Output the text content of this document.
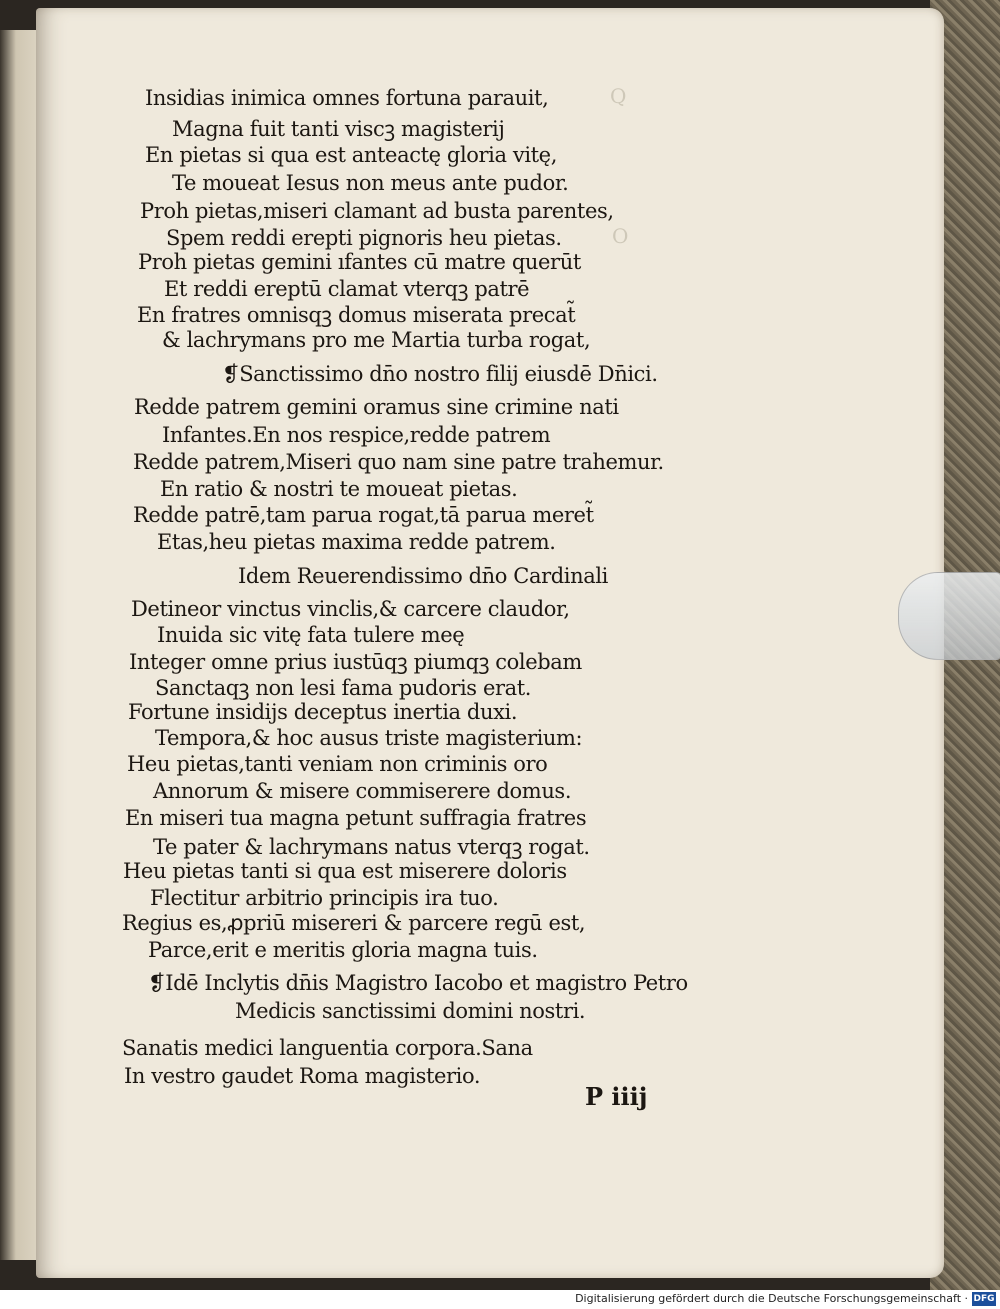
Q
O
Insidias inimica omnes fortuna parauit,
Magna fuit tanti viscꝫ magisterij
En pietas si qua est anteactę gloria vitę,
Te moueat Iesus non meus ante pudor.
Proh pietas,miseri clamant ad busta parentes,
Spem reddi erepti pignoris heu pietas.
Proh pietas gemini ıfantes cū matre querūt
Et reddi ereptū clamat vterqꝫ patrē
En fratres omnisqꝫ domus miserata precat̃
& lachrymans pro me Martia turba rogat,
❡Sanctissimo dn̄o nostro filij eiusdē Dn̄ici.
Redde patrem gemini oramus sine crimine nati
Infantes.En nos respice,redde patrem
Redde patrem,Miseri quo nam sine patre trahemur.
En ratio & nostri te moueat pietas.
Redde patrē,tam parua rogat,tā parua meret̃
Etas,heu pietas maxima redde patrem.
Idem Reuerendissimo dn̄o Cardinali
Detineor vinctus vinclis,& carcere claudor,
Inuida sic vitę fata tulere meę
Integer omne prius iustūqꝫ piumqꝫ colebam
Sanctaqꝫ non lesi fama pudoris erat.
Fortune insidijs deceptus inertia duxi.
Tempora,& hoc ausus triste magisterium:
Heu pietas,tanti veniam non criminis oro
Annorum & misere commiserere domus.
En miseri tua magna petunt suffragia fratres
Te pater & lachrymans natus vterqꝫ rogat.
Heu pietas tanti si qua est miserere doloris
Flectitur arbitrio principis ira tuo.
Regius es,ꝓpriū misereri & parcere regū est,
Parce,erit e meritis gloria magna tuis.
❡Idē Inclytis dn̄is Magistro Iacobo et magistro Petro
Medicis sanctissimi domini nostri.
Sanatis medici languentia corpora.Sana
In vestro gaudet Roma magisterio.
P iiij
Digitalisierung gefördert durch die Deutsche Forschungsgemeinschaft · DFG
